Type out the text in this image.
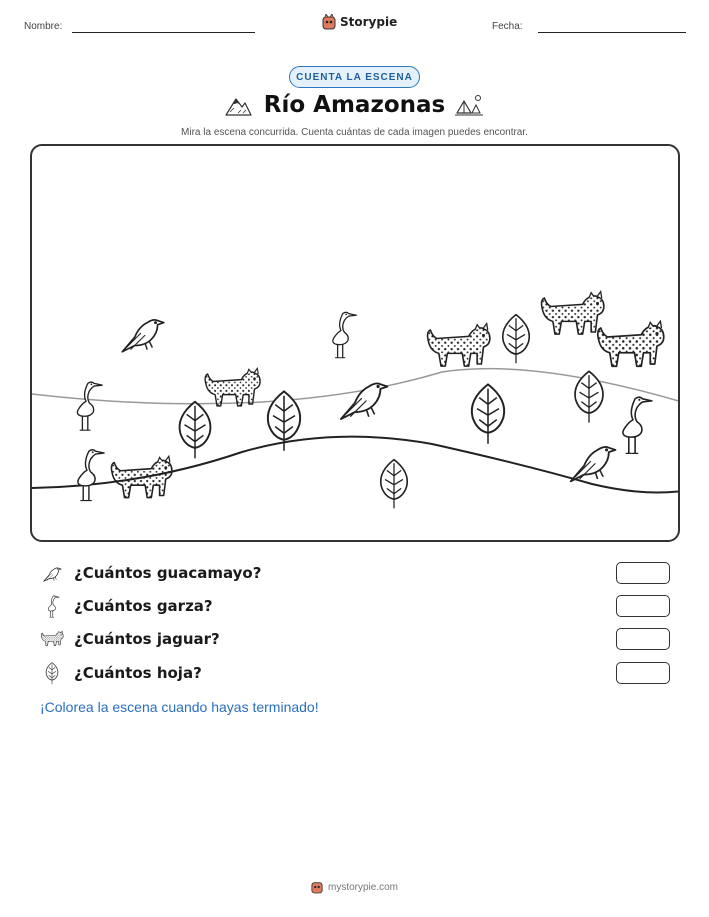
Nombre:	Storypie	Fecha:
CUENTA LA ESCENA
Río Amazonas
Mira la escena concurrida. Cuenta cuántas de cada imagen puedes encontrar.
¿Cuántos guacamayo?
¿Cuántos garza?
¿Cuántos jaguar?
¿Cuántos hoja?
¡Colorea la escena cuando hayas terminado!
mystorypie.com
